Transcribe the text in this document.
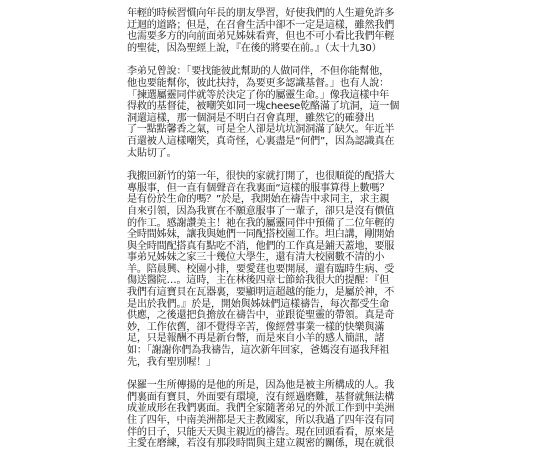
年輕的時候習慣向年長的朋友學習，好使我們的人生避免許多
迂迴的道路；但是，在召會生活中卻不一定是這樣，雖然我們
也需要多方的向前面弟兄姊妹看齊，但也不可小看比我們年輕
的聖徒，因為聖經上說，『在後的將要在前。』（太十九30）

李弟兄曾說：「要找能彼此幫助的人做同伴，不但你能幫他，
他也要能幫你，彼此扶持，為要更多認識基督。」也有人說：
「揀選屬靈同伴就等於決定了你的屬靈生命。」像我這樣中年
得救的基督徒，被嘲笑如同一塊cheese乾酪滿了坑洞，這一個
洞還這樣，那一個洞是不明白召會真理，雖然它的確發出
了一點點馨香之氣，可是全人卻是坑坑洞洞滿了缺欠。年近半
百還被人這樣嘲笑，真奇怪，心裏盡是“何們”，因為認識真在
太貼切了。

我搬回新竹的第一年，很快的家就打開了，也很順從的配搭大
專服事，但一直有個聲音在我裏面“這樣的服事算得上數嗎？
是有份於生命的嗎？”於是，我開始在禱告中求同主，求主親
自來引領，因為我實在不願意服事了一輩子，卻只是沒有價值
的作工。感謝讚美主！祂在我的屬靈同伴中預備了二位年輕的
全時間姊妹，讓我與她們一同配搭校園工作。坦白講，剛開始
與全時間配搭真有點吃不消，他們的工作真是鋪天蓋地，要服
事弟兄姊妹之家三十幾位大學生，還有清大校園數不清的小
羊。陪晨興、校園小排，要愛莛也要開展，還有臨時生病、受
傷送醫院…。這時，主在林後四章七節給我很大的提醒：『但
我們有這寶貝在瓦器裏，要顯明這超越的能力，是屬於神，不
是出於我們。』於是，開始與姊妹們這樣禱告，每次都受生命
供應，之後還把負擔放在禱告中，並跟從聖靈的帶領。真是奇
妙，工作依舊，卻不覺得辛苦，像經營事業一樣的快樂與滿
足，只是報酬不再是新台幣，而是來自小羊的感人簡訊，諸
如：「謝謝你們為我禱告，這次新年回家，爸媽沒有逼我拜祖
先，我有聖別喔！」

保羅一生所傳揚的是他的所是，因為他是被主所構成的人。我
們裏面有寶貝，外面要有環境，沒有經過磨難，基督就無法構
成並成形在我們裏面。我們全家隨著弟兄的外派工作到中美洲
住了四年，中南美洲都是天主教國家，所以我過了四年沒有同
伴的日子，只能天天與主親近的禱告。現在回頭看看，原來是
主愛在磨練，若沒有那段時間與主建立親密的關係，現在就很
